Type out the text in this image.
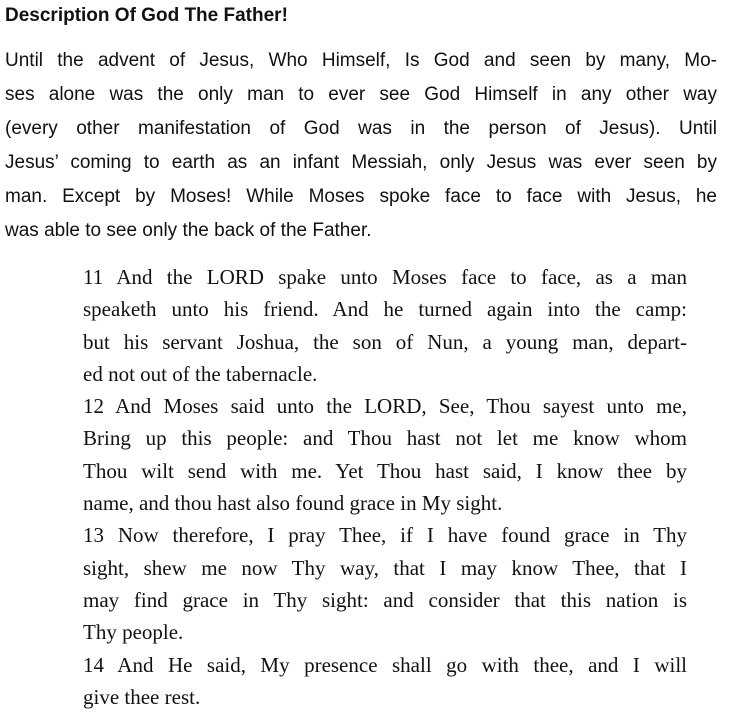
Description Of God The Father!
Until the advent of Jesus, Who Himself, Is God and seen by many, Mo-
ses alone was the only man to ever see God Himself in any other way
(every other manifestation of God was in the person of Jesus). Until
Jesus’ coming to earth as an infant Messiah, only Jesus was ever seen by
man. Except by Moses! While Moses spoke face to face with Jesus, he
was able to see only the back of the Father.
11 And the LORD spake unto Moses face to face, as a man
speaketh unto his friend. And he turned again into the camp:
but his servant Joshua, the son of Nun, a young man, depart-
ed not out of the tabernacle.
12 And Moses said unto the LORD, See, Thou sayest unto me,
Bring up this people: and Thou hast not let me know whom
Thou wilt send with me. Yet Thou hast said, I know thee by
name, and thou hast also found grace in My sight.
13 Now therefore, I pray Thee, if I have found grace in Thy
sight, shew me now Thy way, that I may know Thee, that I
may find grace in Thy sight: and consider that this nation is
Thy people.
14 And He said, My presence shall go with thee, and I will
give thee rest.
